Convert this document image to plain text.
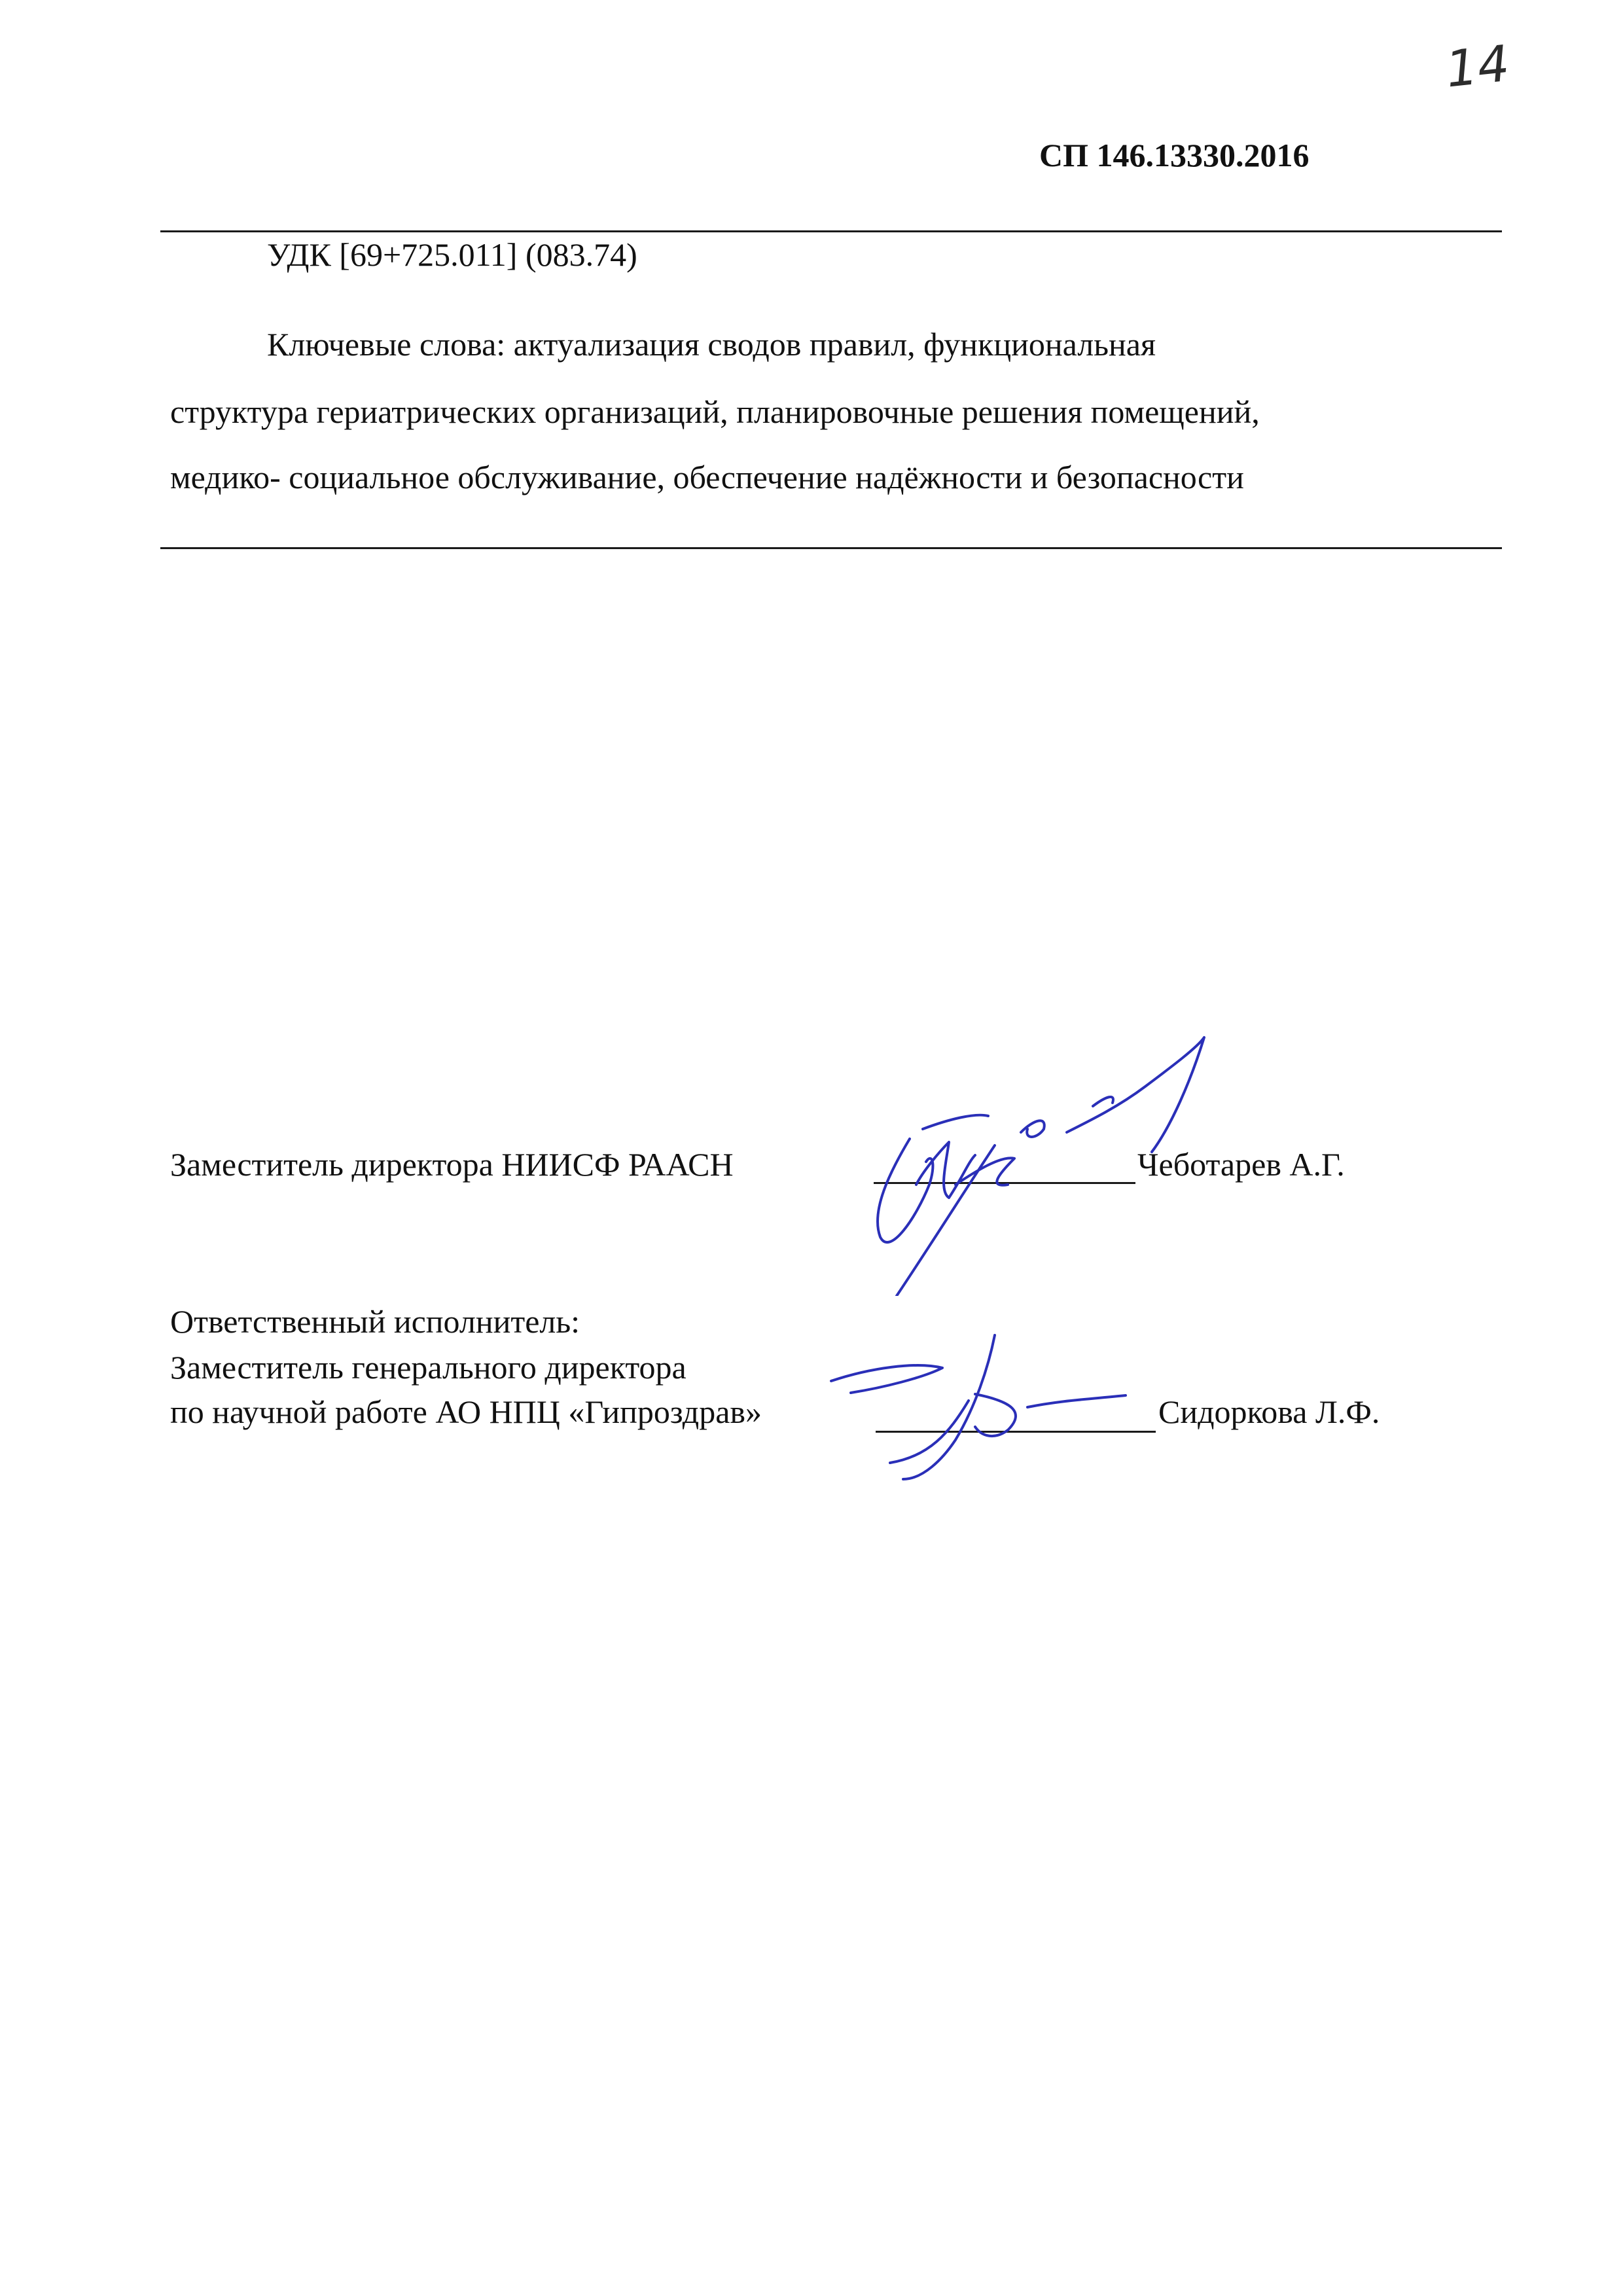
14
СП 146.13330.2016
УДК [69+725.011] (083.74)
Ключевые слова: актуализация сводов правил, функциональная
структура гериатрических организаций, планировочные решения помещений,
медико- социальное обслуживание, обеспечение надёжности и безопасности
Заместитель директора НИИСФ РААСН	Чеботарев А.Г.
Ответственный исполнитель:
Заместитель генерального директора
по научной работе АО НПЦ «Гипроздрав»	Сидоркова Л.Ф.
